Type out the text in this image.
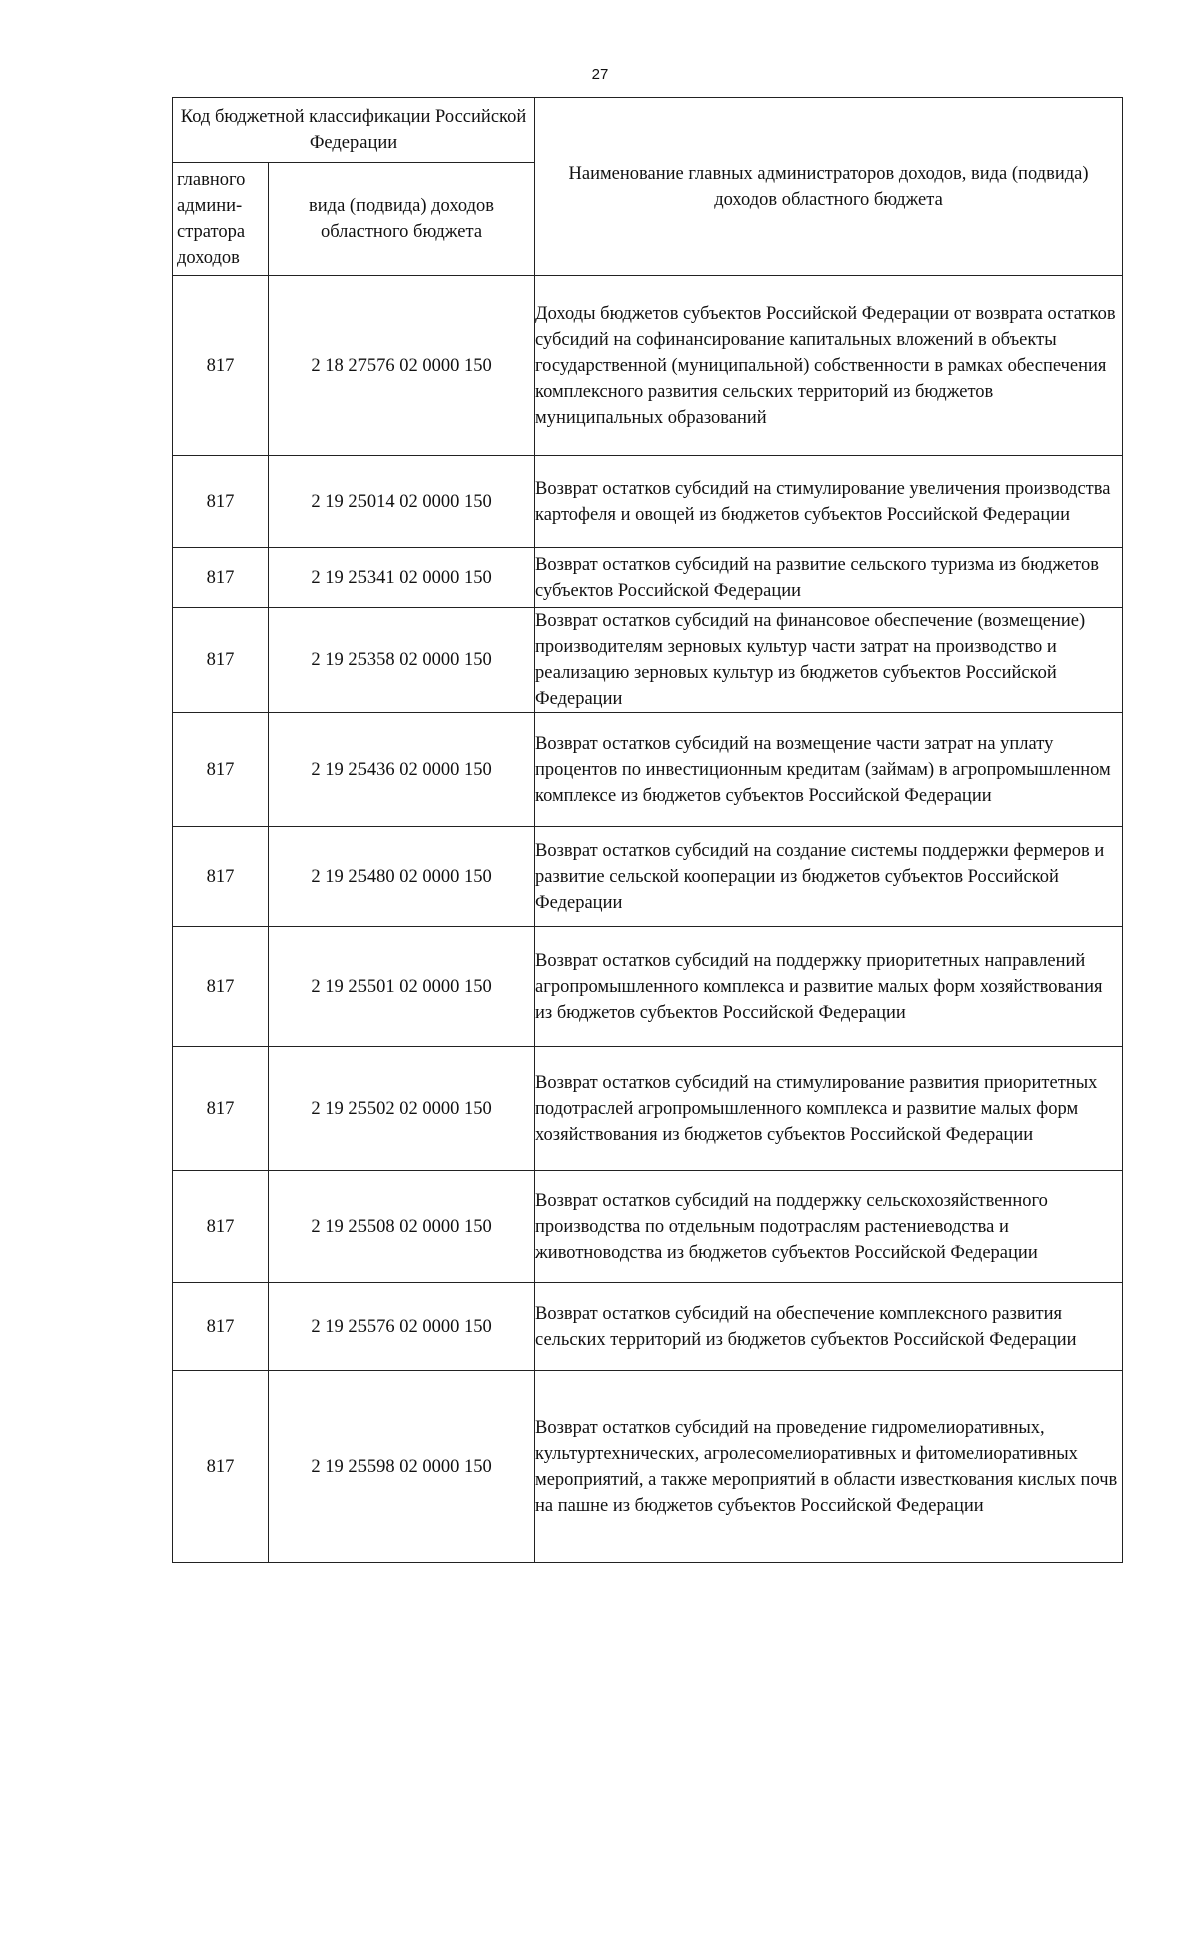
27
Код бюджетной классификации Российской Федерации		Наименование главных администраторов доходов, вида (подвида) доходов областного бюджета
главного админи-стратора доходов	вида (подвида) доходов областного бюджета	
817	2 18 27576 02 0000 150	Доходы бюджетов субъектов Российской Федерации от возврата остатков субсидий на софинансирование капитальных вложений в объекты государственной (муниципальной) собственности в рамках обеспечения комплексного развития сельских территорий из бюджетов муниципальных образований
817	2 19 25014 02 0000 150	Возврат остатков субсидий на стимулирование увеличения производства картофеля и овощей из бюджетов субъектов Российской Федерации
817	2 19 25341 02 0000 150	Возврат остатков субсидий на развитие сельского туризма из бюджетов субъектов Российской Федерации
817	2 19 25358 02 0000 150	Возврат остатков субсидий на финансовое обеспечение (возмещение) производителям зерновых культур части затрат на производство и реализацию зерновых культур из бюджетов субъектов Российской Федерации
817	2 19 25436 02 0000 150	Возврат остатков субсидий на возмещение части затрат на уплату процентов по инвестиционным кредитам (займам) в агропромышленном комплексе из бюджетов субъектов Российской Федерации
817	2 19 25480 02 0000 150	Возврат остатков субсидий на создание системы поддержки фермеров и развитие сельской кооперации из бюджетов субъектов Российской Федерации
817	2 19 25501 02 0000 150	Возврат остатков субсидий на поддержку приоритетных направлений агропромышленного комплекса и развитие малых форм хозяйствования из бюджетов субъектов Российской Федерации
817	2 19 25502 02 0000 150	Возврат остатков субсидий на стимулирование развития приоритетных подотраслей агропромышленного комплекса и развитие малых форм хозяйствования из бюджетов субъектов Российской Федерации
817	2 19 25508 02 0000 150	Возврат остатков субсидий на поддержку сельскохозяйственного производства по отдельным подотраслям растениеводства и животноводства из бюджетов субъектов Российской Федерации
817	2 19 25576 02 0000 150	Возврат остатков субсидий на обеспечение комплексного развития сельских территорий из бюджетов субъектов Российской Федерации
817	2 19 25598 02 0000 150	Возврат остатков субсидий на проведение гидромелиоративных, культуртехнических, агролесомелиоративных и фитомелиоративных мероприятий, а также мероприятий в области известкования кислых почв на пашне из бюджетов субъектов Российской Федерации
